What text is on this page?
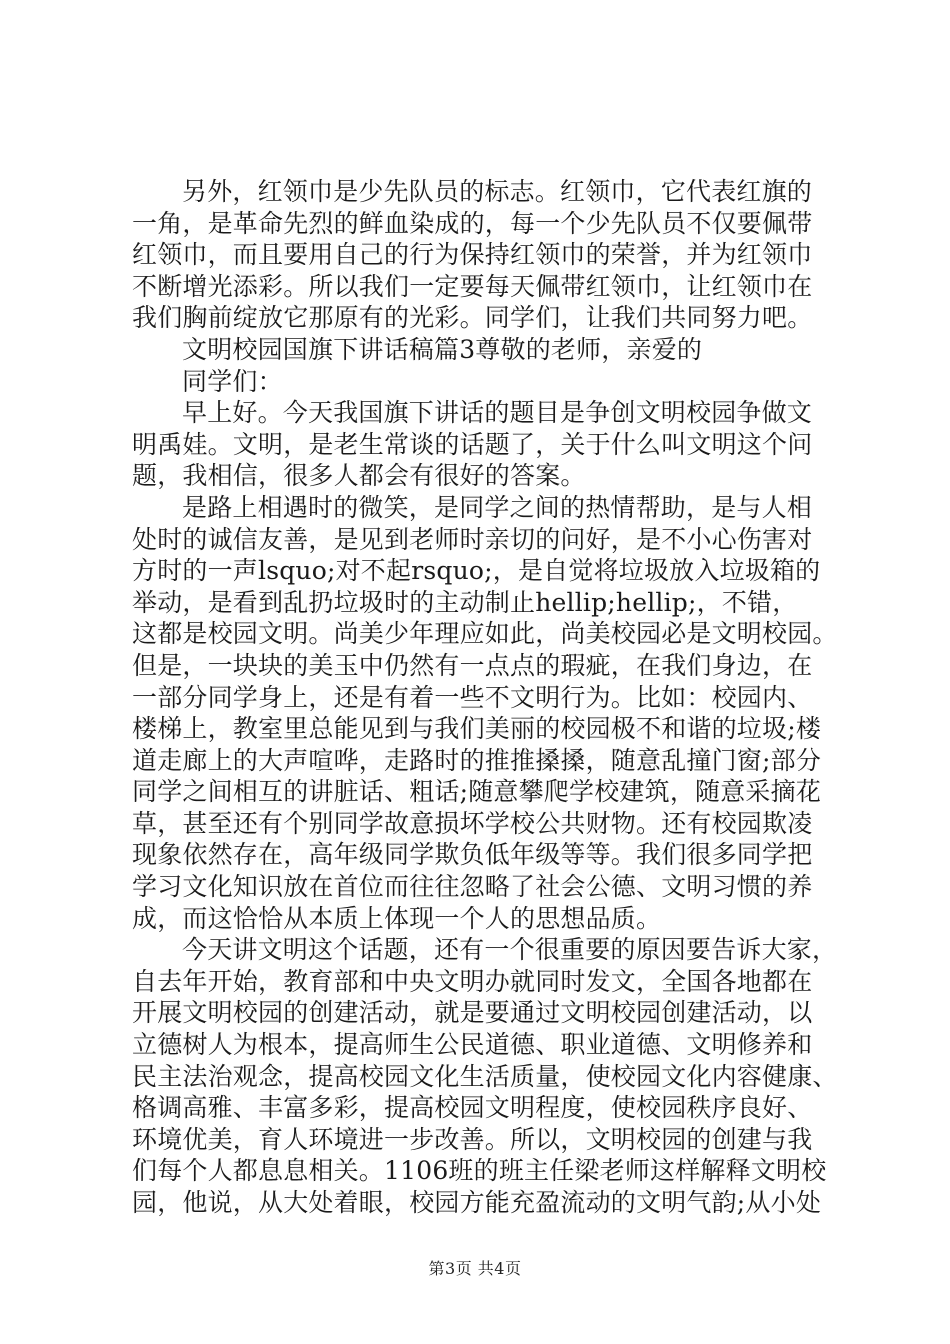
另外，红领巾是少先队员的标志。红领巾，它代表红旗的
一角，是革命先烈的鲜血染成的，每一个少先队员不仅要佩带
红领巾，而且要用自己的行为保持红领巾的荣誉，并为红领巾
不断增光添彩。所以我们一定要每天佩带红领巾，让红领巾在
我们胸前绽放它那原有的光彩。同学们，让我们共同努力吧。
文明校园国旗下讲话稿篇3尊敬的老师，亲爱的
同学们：
早上好。今天我国旗下讲话的题目是争创文明校园争做文
明禹娃。文明，是老生常谈的话题了，关于什么叫文明这个问
题，我相信，很多人都会有很好的答案。
是路上相遇时的微笑，是同学之间的热情帮助，是与人相
处时的诚信友善，是见到老师时亲切的问好，是不小心伤害对
方时的一声lsquo;对不起rsquo;，是自觉将垃圾放入垃圾箱的
举动，是看到乱扔垃圾时的主动制止hellip;hellip;，不错，
这都是校园文明。尚美少年理应如此，尚美校园必是文明校园。
但是，一块块的美玉中仍然有一点点的瑕疵，在我们身边，在
一部分同学身上，还是有着一些不文明行为。比如：校园内、
楼梯上，教室里总能见到与我们美丽的校园极不和谐的垃圾;楼
道走廊上的大声喧哗，走路时的推推搡搡，随意乱撞门窗;部分
同学之间相互的讲脏话、粗话;随意攀爬学校建筑，随意采摘花
草，甚至还有个别同学故意损坏学校公共财物。还有校园欺凌
现象依然存在，高年级同学欺负低年级等等。我们很多同学把
学习文化知识放在首位而往往忽略了社会公德、文明习惯的养
成，而这恰恰从本质上体现一个人的思想品质。
今天讲文明这个话题，还有一个很重要的原因要告诉大家，
自去年开始，教育部和中央文明办就同时发文，全国各地都在
开展文明校园的创建活动，就是要通过文明校园创建活动，以
立德树人为根本，提高师生公民道德、职业道德、文明修养和
民主法治观念，提高校园文化生活质量，使校园文化内容健康、
格调高雅、丰富多彩，提高校园文明程度，使校园秩序良好、
环境优美，育人环境进一步改善。所以，文明校园的创建与我
们每个人都息息相关。1106班的班主任梁老师这样解释文明校
园，他说，从大处着眼，校园方能充盈流动的文明气韵;从小处
第3页 共4页
